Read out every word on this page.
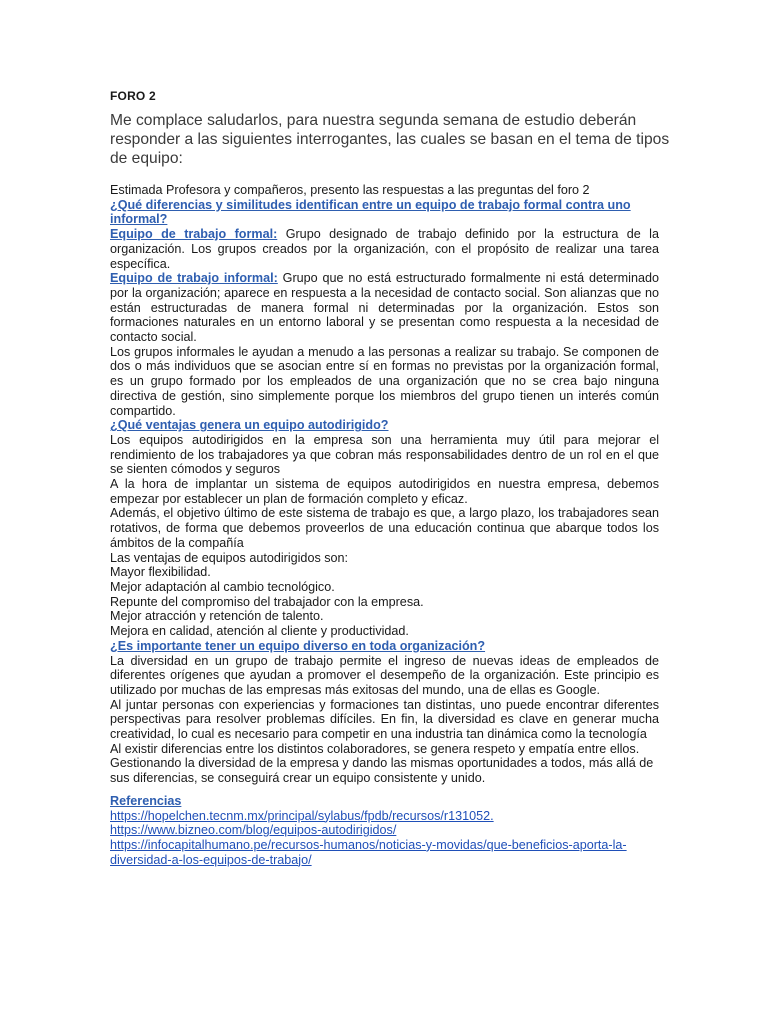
FORO 2
Me complace saludarlos, para nuestra segunda semana de estudio deberán responder a las siguientes interrogantes, las cuales se basan en el tema de tipos de equipo:

Estimada Profesora y compañeros, presento las respuestas a las preguntas del foro 2

¿Qué diferencias y similitudes identifican entre un equipo de trabajo formal contra uno informal?

Equipo de trabajo formal: Grupo designado de trabajo definido por la estructura de la organización. Los grupos creados por la organización, con el propósito de realizar una tarea específica.

Equipo de trabajo informal: Grupo que no está estructurado formalmente ni está determinado por la organización; aparece en respuesta a la necesidad de contacto social. Son alianzas que no están estructuradas de manera formal ni determinadas por la organización. Estos son formaciones naturales en un entorno laboral y se presentan como respuesta a la necesidad de contacto social.

Los grupos informales le ayudan a menudo a las personas a realizar su trabajo. Se componen de dos o más individuos que se asocian entre sí en formas no previstas por la organización formal, es un grupo formado por los empleados de una organización que no se crea bajo ninguna directiva de gestión, sino simplemente porque los miembros del grupo tienen un interés común compartido.

¿Qué ventajas genera un equipo autodirigido?

Los equipos autodirigidos en la empresa son una herramienta muy útil para mejorar el rendimiento de los trabajadores ya que cobran más responsabilidades dentro de un rol en el que se sienten cómodos y seguros

A la hora de implantar un sistema de equipos autodirigidos en nuestra empresa, debemos empezar por establecer un plan de formación completo y eficaz.

Además, el objetivo último de este sistema de trabajo es que, a largo plazo, los trabajadores sean rotativos, de forma que debemos proveerlos de una educación continua que abarque todos los ámbitos de la compañía

Las ventajas de equipos autodirigidos son:

Mayor flexibilidad.

Mejor adaptación al cambio tecnológico.

Repunte del compromiso del trabajador con la empresa.

Mejor atracción y retención de talento.

Mejora en calidad, atención al cliente y productividad.

¿Es importante tener un equipo diverso en toda organización?

La diversidad en un grupo de trabajo permite el ingreso de nuevas ideas de empleados de diferentes orígenes que ayudan a promover el desempeño de la organización. Este principio es utilizado por muchas de las empresas más exitosas del mundo, una de ellas es Google.

Al juntar personas con experiencias y formaciones tan distintas, uno puede encontrar diferentes perspectivas para resolver problemas difíciles. En fin, la diversidad es clave en generar mucha creatividad, lo cual es necesario para competir en una industria tan dinámica como la tecnología

Al existir diferencias entre los distintos colaboradores, se genera respeto y empatía entre ellos. Gestionando la diversidad de la empresa y dando las mismas oportunidades a todos, más allá de sus diferencias, se conseguirá crear un equipo consistente y unido.

Referencias

https://hopelchen.tecnm.mx/principal/sylabus/fpdb/recursos/r131052.

https://www.bizneo.com/blog/equipos-autodirigidos/

https://infocapitalhumano.pe/recursos-humanos/noticias-y-movidas/que-beneficios-aporta-la-diversidad-a-los-equipos-de-trabajo/
